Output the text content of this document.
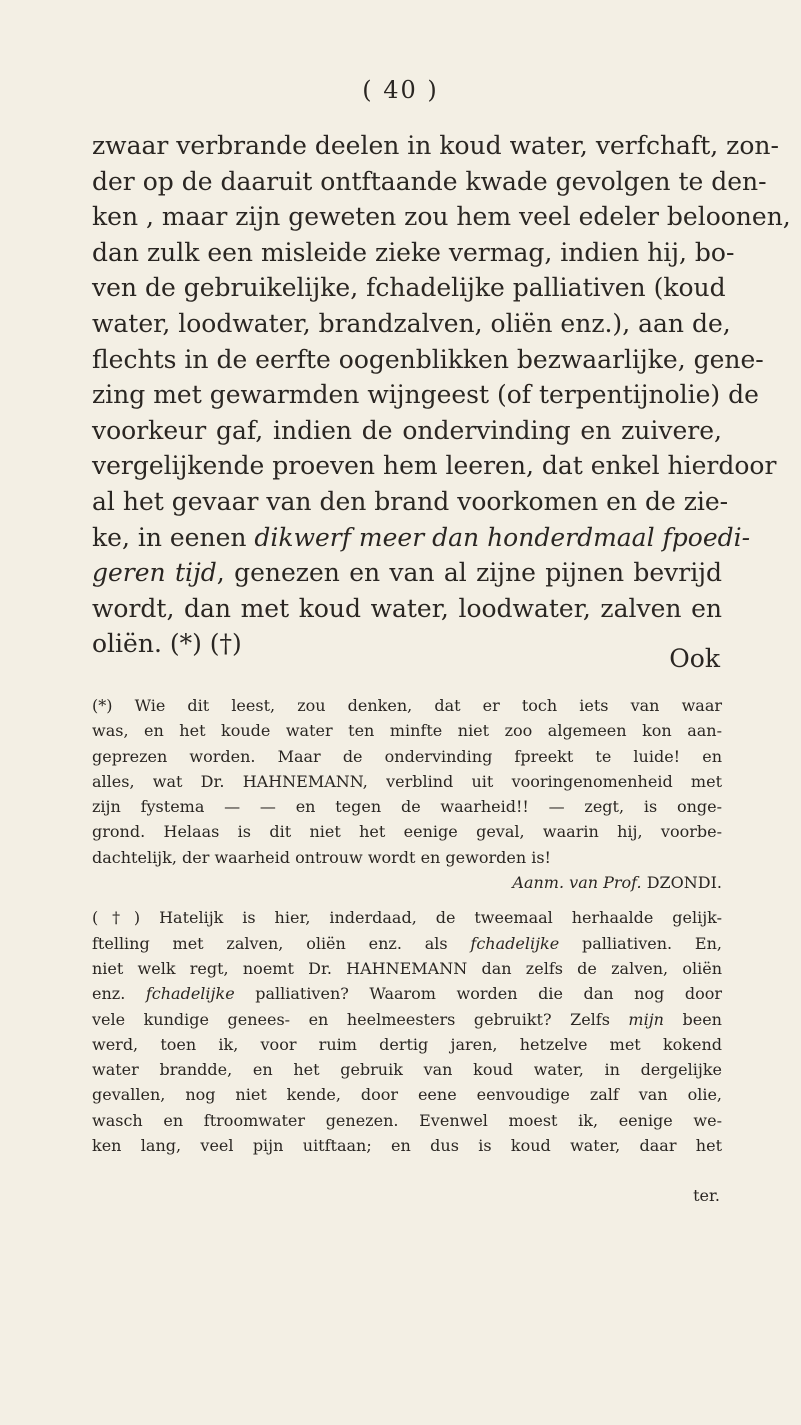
( 40 )
zwaar verbrande deelen in koud water, verfchaft, zon-
der op de daaruit ontftaande kwade gevolgen te den-
ken , maar zijn geweten zou hem veel edeler beloonen,
dan zulk een misleide zieke vermag, indien hij, bo-
ven de gebruikelijke, fchadelijke palliativen (koud
water, loodwater, brandzalven, oliën enz.), aan de,
flechts in de eerfte oogenblikken bezwaarlijke, gene-
zing met gewarmden wijngeest (of terpentijnolie) de
voorkeur gaf, indien de ondervinding en zuivere,
vergelijkende proeven hem leeren, dat enkel hierdoor
al het gevaar van den brand voorkomen en de zie-
ke, in eenen dikwerf meer dan honderdmaal fpoedi-
geren tijd, genezen en van al zijne pijnen bevrijd
wordt, dan met koud water, loodwater, zalven en
oliën. (*) (†)
Ook
(*) Wie dit leest, zou denken, dat er toch iets van waar
was, en het koude water ten minfte niet zoo algemeen kon aan-
geprezen worden. Maar de ondervinding fpreekt te luide! en
alles, wat Dr. HAHNEMANN, verblind uit vooringenomenheid met
zijn fystema — — en tegen de waarheid!! — zegt, is onge-
grond. Helaas is dit niet het eenige geval, waarin hij, voorbe-
dachtelijk, der waarheid ontrouw wordt en geworden is!
Aanm. van Prof. DZONDI.
(†) Hatelijk is hier, inderdaad, de tweemaal herhaalde gelijk-
ftelling met zalven, oliën enz. als fchadelijke palliativen. En,
niet welk regt, noemt Dr. HAHNEMANN dan zelfs de zalven, oliën
enz. fchadelijke palliativen? Waarom worden die dan nog door
vele kundige genees- en heelmeesters gebruikt? Zelfs mijn been
werd, toen ik, voor ruim dertig jaren, hetzelve met kokend
water brandde, en het gebruik van koud water, in dergelijke
gevallen, nog niet kende, door eene eenvoudige zalf van olie,
wasch en ftroomwater genezen. Evenwel moest ik, eenige we-
ken lang, veel pijn uitftaan; en dus is koud water, daar het
ter.
